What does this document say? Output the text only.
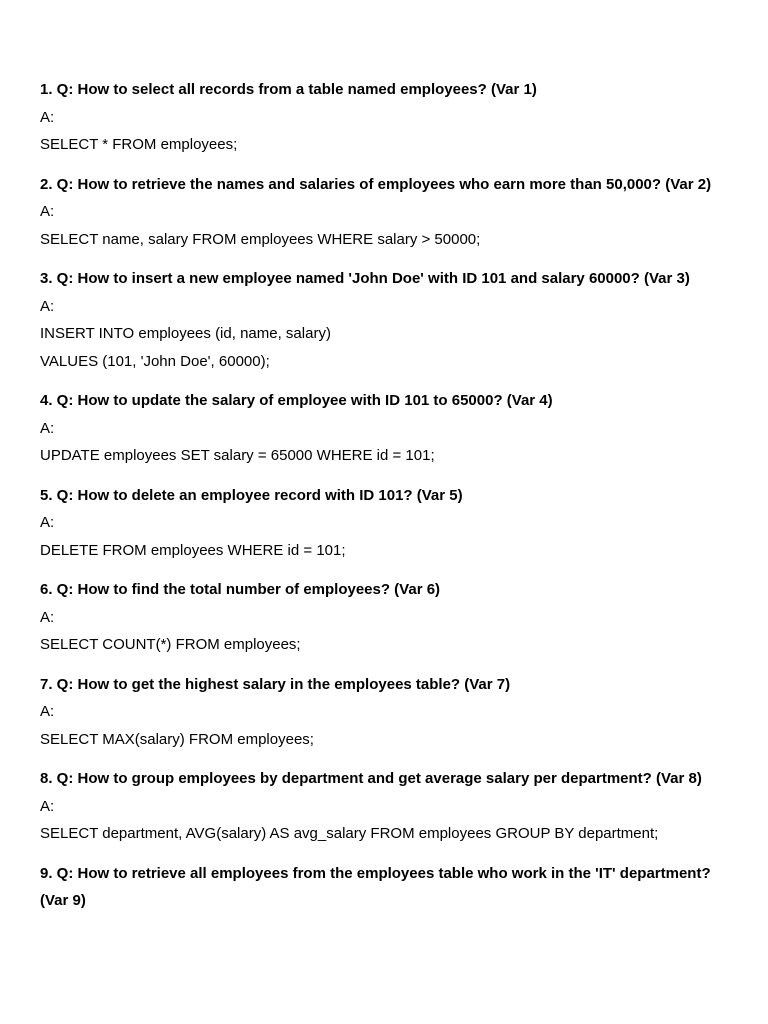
1. Q: How to select all records from a table named employees? (Var 1)

A:

SELECT * FROM employees;

2. Q: How to retrieve the names and salaries of employees who earn more than 50,000? (Var 2)

A:

SELECT name, salary FROM employees WHERE salary > 50000;

3. Q: How to insert a new employee named 'John Doe' with ID 101 and salary 60000? (Var 3)

A:

INSERT INTO employees (id, name, salary)

VALUES (101, 'John Doe', 60000);

4. Q: How to update the salary of employee with ID 101 to 65000? (Var 4)

A:

UPDATE employees SET salary = 65000 WHERE id = 101;

5. Q: How to delete an employee record with ID 101? (Var 5)

A:

DELETE FROM employees WHERE id = 101;

6. Q: How to find the total number of employees? (Var 6)

A:

SELECT COUNT(*) FROM employees;

7. Q: How to get the highest salary in the employees table? (Var 7)

A:

SELECT MAX(salary) FROM employees;

8. Q: How to group employees by department and get average salary per department? (Var 8)

A:

SELECT department, AVG(salary) AS avg_salary FROM employees GROUP BY department;

9. Q: How to retrieve all employees from the employees table who work in the 'IT' department? (Var 9)
